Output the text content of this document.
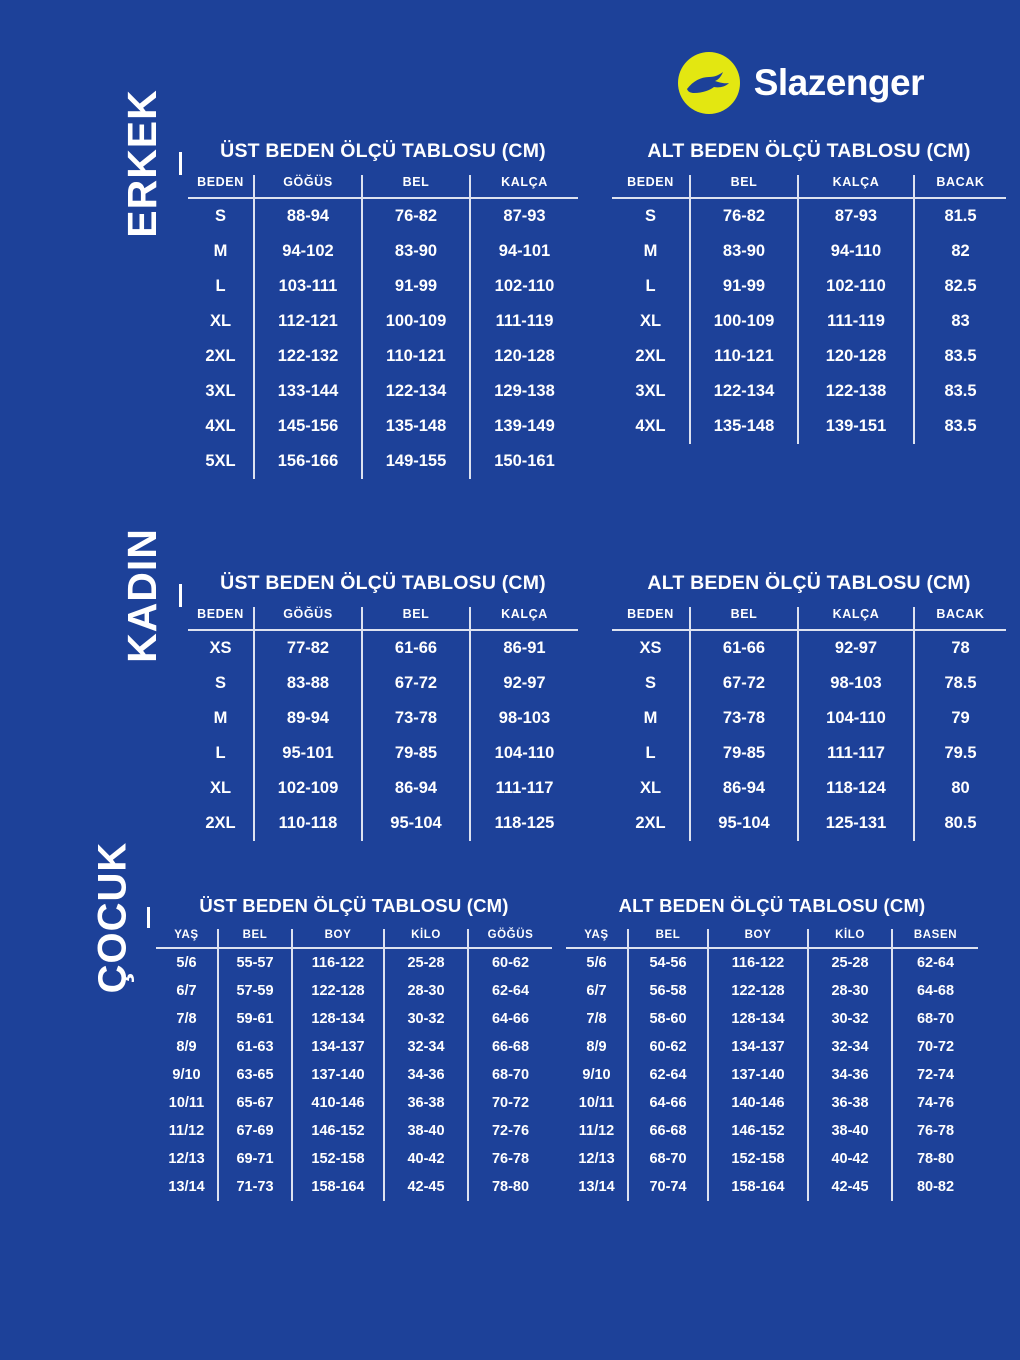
Slazenger
ERKEK	ÜST BEDEN ÖLÇÜ TABLOSU (CM)
BEDEN	GÖĞÜS	BEL	KALÇA
S	88-94	76-82	87-93
M	94-102	83-90	94-101
L	103-111	91-99	102-110
XL	112-121	100-109	111-119
2XL	122-132	110-121	120-128
3XL	133-144	122-134	129-138
4XL	145-156	135-148	139-149
5XL	156-166	149-155	150-161
ALT BEDEN ÖLÇÜ TABLOSU (CM)
BEDEN	BEL	KALÇA	BACAK
S	76-82	87-93	81.5
M	83-90	94-110	82
L	91-99	102-110	82.5
XL	100-109	111-119	83
2XL	110-121	120-128	83.5
3XL	122-134	122-138	83.5
4XL	135-148	139-151	83.5
KADIN	ÜST BEDEN ÖLÇÜ TABLOSU (CM)
BEDEN	GÖĞÜS	BEL	KALÇA
XS	77-82	61-66	86-91
S	83-88	67-72	92-97
M	89-94	73-78	98-103
L	95-101	79-85	104-110
XL	102-109	86-94	111-117
2XL	110-118	95-104	118-125
ALT BEDEN ÖLÇÜ TABLOSU (CM)
BEDEN	BEL	KALÇA	BACAK
XS	61-66	92-97	78
S	67-72	98-103	78.5
M	73-78	104-110	79
L	79-85	111-117	79.5
XL	86-94	118-124	80
2XL	95-104	125-131	80.5
ÇOCUK	ÜST BEDEN ÖLÇÜ TABLOSU (CM)
YAŞ	BEL	BOY	KİLO	GÖĞÜS
5/6	55-57	116-122	25-28	60-62
6/7	57-59	122-128	28-30	62-64
7/8	59-61	128-134	30-32	64-66
8/9	61-63	134-137	32-34	66-68
9/10	63-65	137-140	34-36	68-70
10/11	65-67	410-146	36-38	70-72
11/12	67-69	146-152	38-40	72-76
12/13	69-71	152-158	40-42	76-78
13/14	71-73	158-164	42-45	78-80
ALT BEDEN ÖLÇÜ TABLOSU (CM)
YAŞ	BEL	BOY	KİLO	BASEN
5/6	54-56	116-122	25-28	62-64
6/7	56-58	122-128	28-30	64-68
7/8	58-60	128-134	30-32	68-70
8/9	60-62	134-137	32-34	70-72
9/10	62-64	137-140	34-36	72-74
10/11	64-66	140-146	36-38	74-76
11/12	66-68	146-152	38-40	76-78
12/13	68-70	152-158	40-42	78-80
13/14	70-74	158-164	42-45	80-82
